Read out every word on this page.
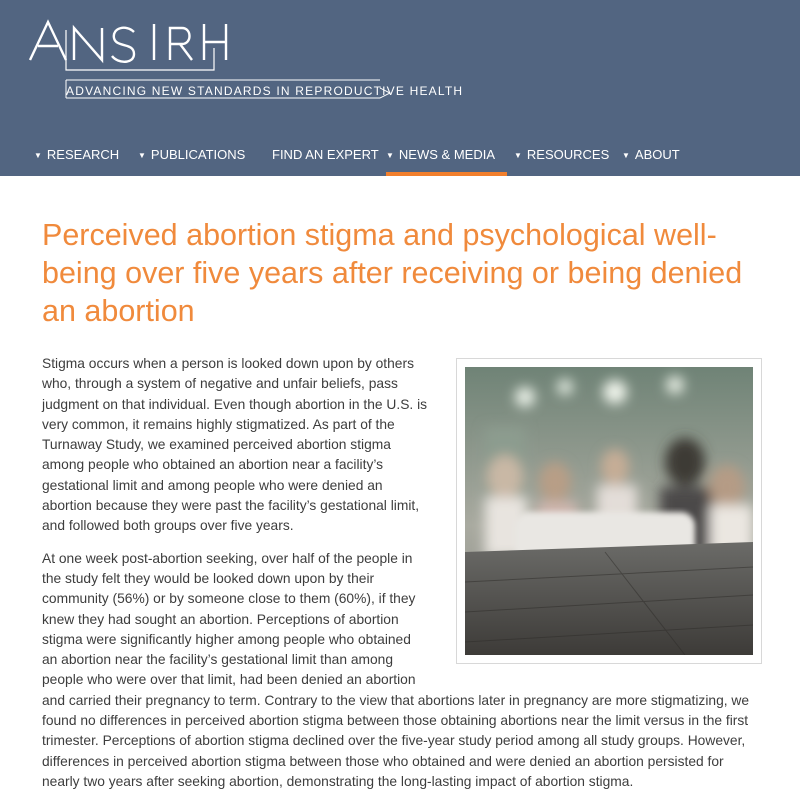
ADVANCING NEW STANDARDS IN REPRODUCTIVE HEALTH
▼ RESEARCH ▼ PUBLICATIONS FIND AN EXPERT ▼ NEWS & MEDIA	▼ RESOURCES ▼ ABOUT
Perceived abortion stigma and psychological well-being over five years after receiving or being denied an abortion

Stigma occurs when a person is looked down upon by others who, through a system of negative and unfair beliefs, pass judgment on that individual. Even though abortion in the U.S. is very common, it remains highly stigmatized. As part of the Turnaway Study, we examined perceived abortion stigma among people who obtained an abortion near a facility’s gestational limit and among people who were denied an abortion because they were past the facility’s gestational limit, and followed both groups over five years.

At one week post-abortion seeking, over half of the people in the study felt they would be looked down upon by their community (56%) or by someone close to them (60%), if they knew they had sought an abortion. Perceptions of abortion stigma were significantly higher among people who obtained an abortion near the facility’s gestational limit than among people who were over that limit, had been denied an abortion and carried their pregnancy to term. Contrary to the view that abortions later in pregnancy are more stigmatizing, we found no differences in perceived abortion stigma between those obtaining abortions near the limit versus in the first trimester. Perceptions of abortion stigma declined over the five-year study period among all study groups. However, differences in perceived abortion stigma between those who obtained and were denied an abortion persisted for nearly two years after seeking abortion, demonstrating the long-lasting impact of abortion stigma.
